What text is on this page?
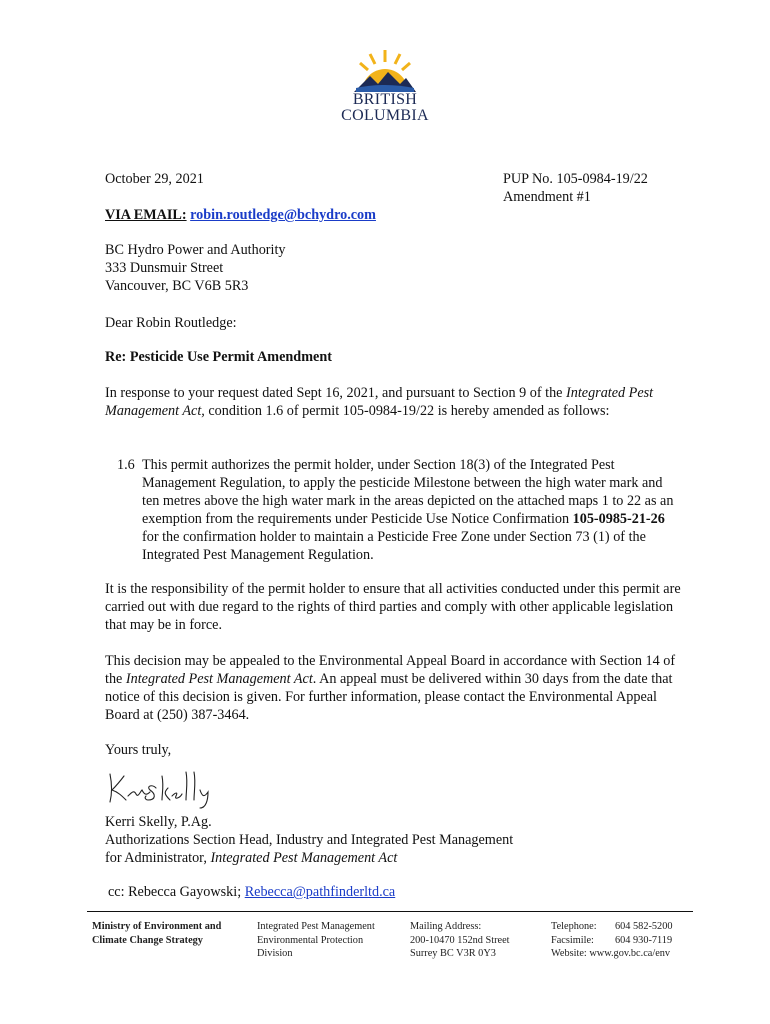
BRITISH
COLUMBIA
October 29, 2021	PUP No. 105-0984-19/22
Amendment #1
VIA EMAIL: robin.routledge@bchydro.com
BC Hydro Power and Authority
333 Dunsmuir Street
Vancouver, BC V6B 5R3
Dear Robin Routledge:
Re: Pesticide Use Permit Amendment
In response to your request dated Sept 16, 2021, and pursuant to Section 9 of the Integrated Pest Management Act, condition 1.6 of permit 105-0984-19/22 is hereby amended as follows:
1.6 This permit authorizes the permit holder, under Section 18(3) of the Integrated Pest Management Regulation, to apply the pesticide Milestone between the high water mark and ten metres above the high water mark in the areas depicted on the attached maps 1 to 22 as an exemption from the requirements under Pesticide Use Notice Confirmation 105-0985-21-26 for the confirmation holder to maintain a Pesticide Free Zone under Section 73 (1) of the Integrated Pest Management Regulation.
It is the responsibility of the permit holder to ensure that all activities conducted under this permit are carried out with due regard to the rights of third parties and comply with other applicable legislation that may be in force.
This decision may be appealed to the Environmental Appeal Board in accordance with Section 14 of the Integrated Pest Management Act. An appeal must be delivered within 30 days from the date that notice of this decision is given. For further information, please contact the Environmental Appeal Board at (250) 387-3464.
Yours truly,
Kerri Skelly, P.Ag.
Authorizations Section Head, Industry and Integrated Pest Management
for Administrator, Integrated Pest Management Act
cc: Rebecca Gayowski; Rebecca@pathfinderltd.ca
Ministry of Environment and
Climate Change Strategy
Integrated Pest Management
Environmental Protection
Division
Mailing Address:
200-10470 152nd Street
Surrey BC V3R 0Y3
Telephone: 604 582-5200
Facsimile: 604 930-7119
Website: www.gov.bc.ca/env
